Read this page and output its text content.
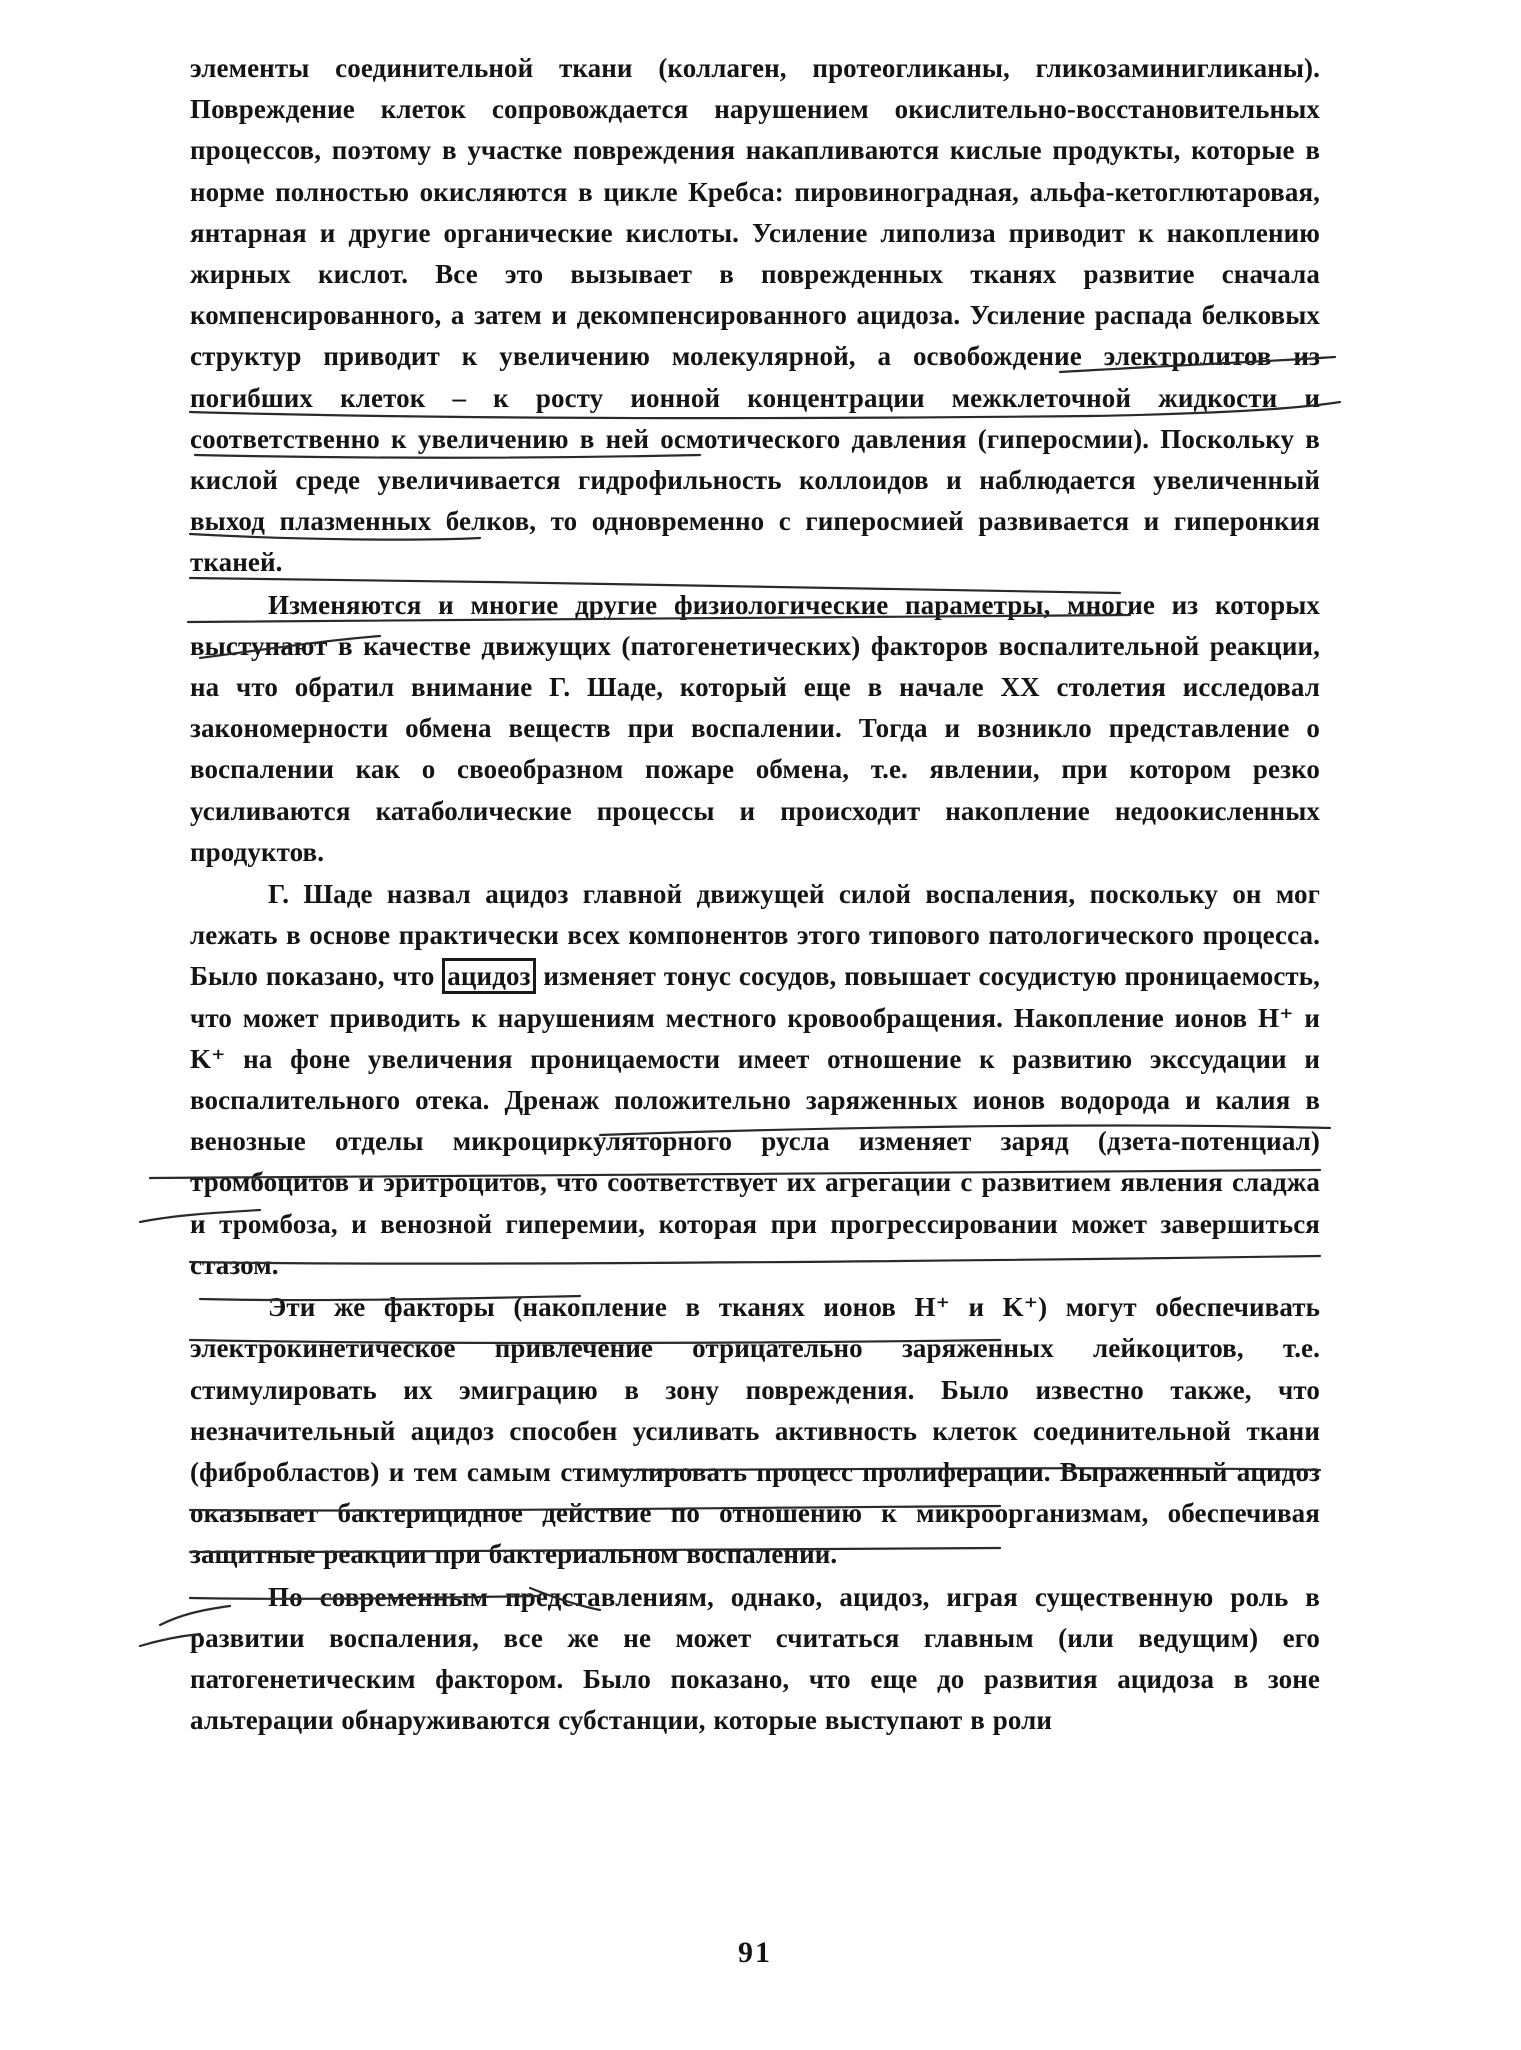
элементы соединительной ткани (коллаген, протеогликаны, гликозаминигликаны). Повреждение клеток сопровождается нарушением окислительно-восстановительных процессов, поэтому в участке повреждения накапливаются кислые продукты, которые в норме полностью окисляются в цикле Кребса: пировиноградная, альфа-кетоглютаровая, янтарная и другие органические кислоты. Усиление липолиза приводит к накоплению жирных кислот. Все это вызывает в поврежденных тканях развитие сначала компенсированного, а затем и декомпенсированного ацидоза. Усиление распада белковых структур приводит к увеличению молекулярной, а освобождение электролитов из погибших клеток – к росту ионной концентрации межклеточной жидкости и соответственно к увеличению в ней осмотического давления (гиперосмии). Поскольку в кислой среде увеличивается гидрофильность коллоидов и наблюдается увеличенный выход плазменных белков, то одновременно с гиперосмией развивается и гиперонкия тканей.

Изменяются и многие другие физиологические параметры, многие из которых выступают в качестве движущих (патогенетических) факторов воспалительной реакции, на что обратил внимание Г. Шаде, который еще в начале XX столетия исследовал закономерности обмена веществ при воспалении. Тогда и возникло представление о воспалении как о своеобразном пожаре обмена, т.е. явлении, при котором резко усиливаются катаболические процессы и происходит накопление недоокисленных продуктов.

Г. Шаде назвал ацидоз главной движущей силой воспаления, поскольку он мог лежать в основе практически всех компонентов этого типового патологического процесса. Было показано, что ацидоз изменяет тонус сосудов, повышает сосудистую проницаемость, что может приводить к нарушениям местного кровообращения. Накопление ионов H⁺ и K⁺ на фоне увеличения проницаемости имеет отношение к развитию экссудации и воспалительного отека. Дренаж положительно заряженных ионов водорода и калия в венозные отделы микроциркуляторного русла изменяет заряд (дзета-потенциал) тромбоцитов и эритроцитов, что соответствует их агрегации с развитием явления сладжа и тромбоза, и венозной гиперемии, которая при прогрессировании может завершиться стазом.

Эти же факторы (накопление в тканях ионов H⁺ и K⁺) могут обеспечивать электрокинетическое привлечение отрицательно заряженных лейкоцитов, т.е. стимулировать их эмиграцию в зону повреждения. Было известно также, что незначительный ацидоз способен усиливать активность клеток соединительной ткани (фибробластов) и тем самым стимулировать процесс пролиферации. Выраженный ацидоз оказывает бактерицидное действие по отношению к микроорганизмам, обеспечивая защитные реакции при бактериальном воспалении.

По современным представлениям, однако, ацидоз, играя существенную роль в развитии воспаления, все же не может считаться главным (или ведущим) его патогенетическим фактором. Было показано, что еще до развития ацидоза в зоне альтерации обнаруживаются субстанции, которые выступают в роли

91
